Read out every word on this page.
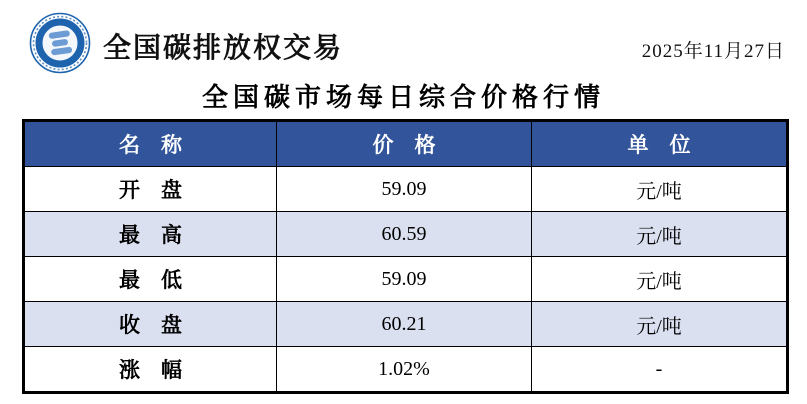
全国碳排放权交易	2025年11月27日
全国碳市场每日综合价格行情
名　称	价　格	单　位
开　盘	59.09	元/吨
最　高	60.59	元/吨
最　低	59.09	元/吨
收　盘	60.21	元/吨
涨　幅	1.02%	-
